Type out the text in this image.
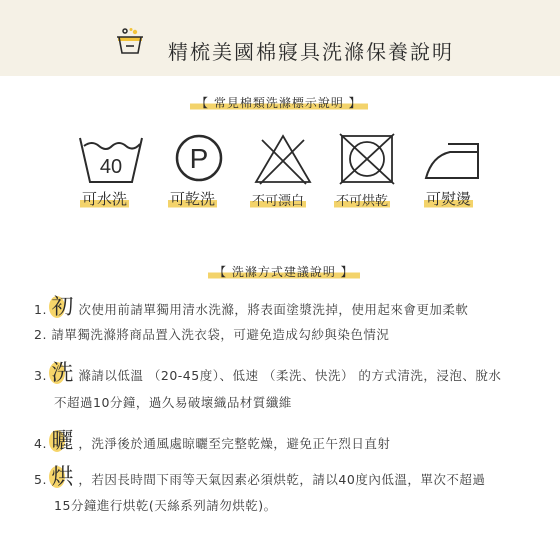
精梳美國棉寢具洗滌保養說明
【 常見棉類洗滌標示說明 】
40
可水洗
P
可乾洗	不可漂白 不可烘乾	可熨燙
【 洗滌方式建議說明 】
1. 初 次使用前請單獨用清水洗滌，將表面塗漿洗掉，使用起來會更加柔軟
2. 請單獨洗滌將商品置入洗衣袋，可避免造成勾紗與染色情況
3. 洗 滌請以低溫 （20-45度）、低速 （柔洗、快洗） 的方式清洗，浸泡、脫水
不超過10分鐘，過久易破壞織品材質纖維
4. 曬 ，洗淨後於通風處晾曬至完整乾燥，避免正午烈日直射
5. 烘 ，若因長時間下雨等天氣因素必須烘乾，請以40度內低溫，單次不超過
15分鐘進行烘乾(天絲系列請勿烘乾)。
